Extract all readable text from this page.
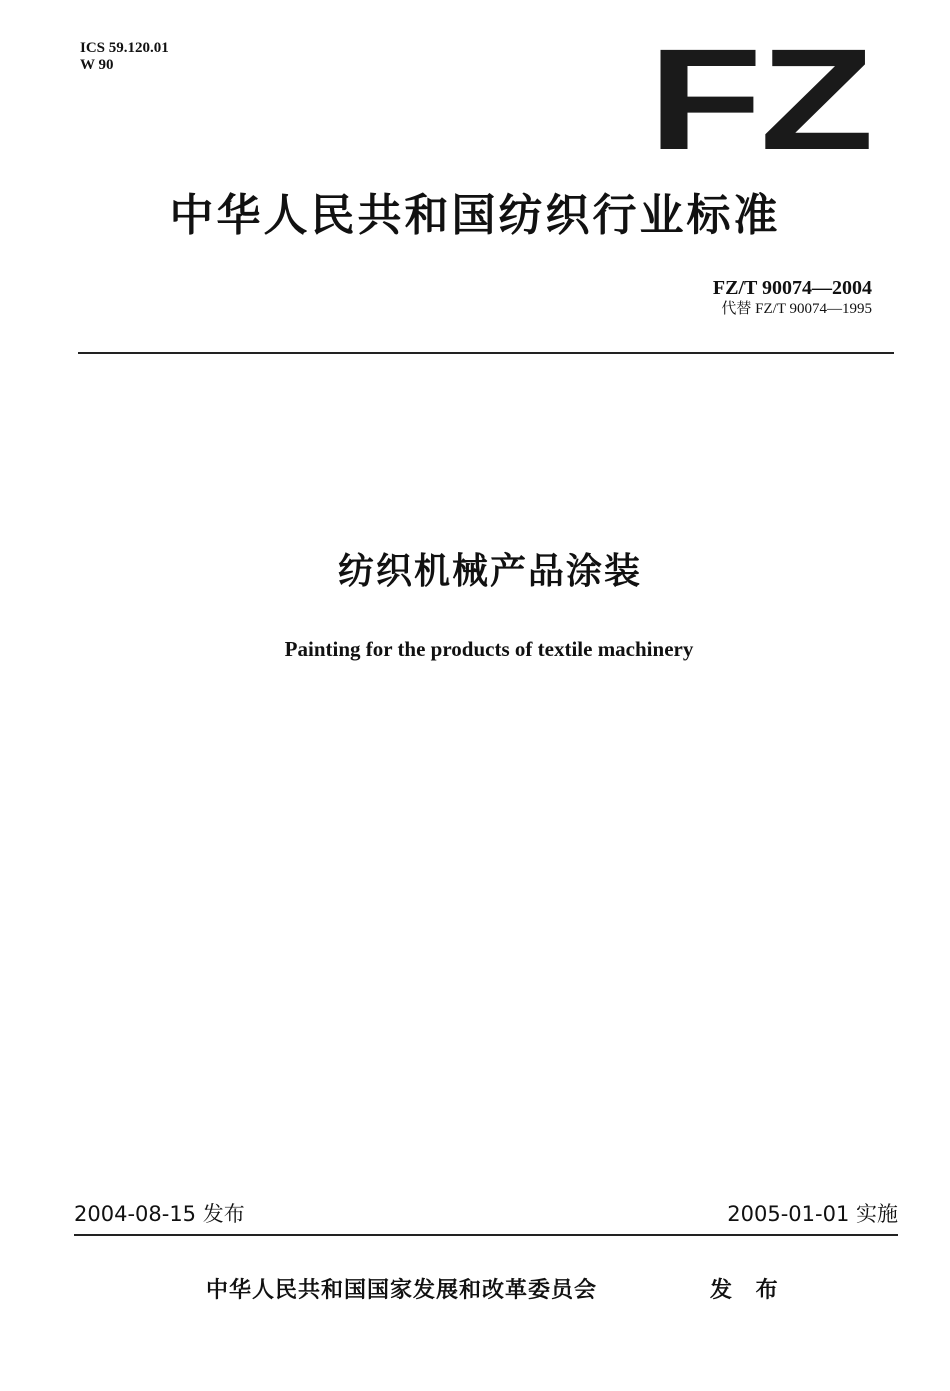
ICS 59.120.01
W 90	FZ
中华人民共和国纺织行业标准
FZ/T 90074—2004
代替 FZ/T 90074—1995
纺织机械产品涂装
Painting for the products of textile machinery
2004-08-15 发布	2005-01-01 实施
中华人民共和国国家发展和改革委员会	发 布
